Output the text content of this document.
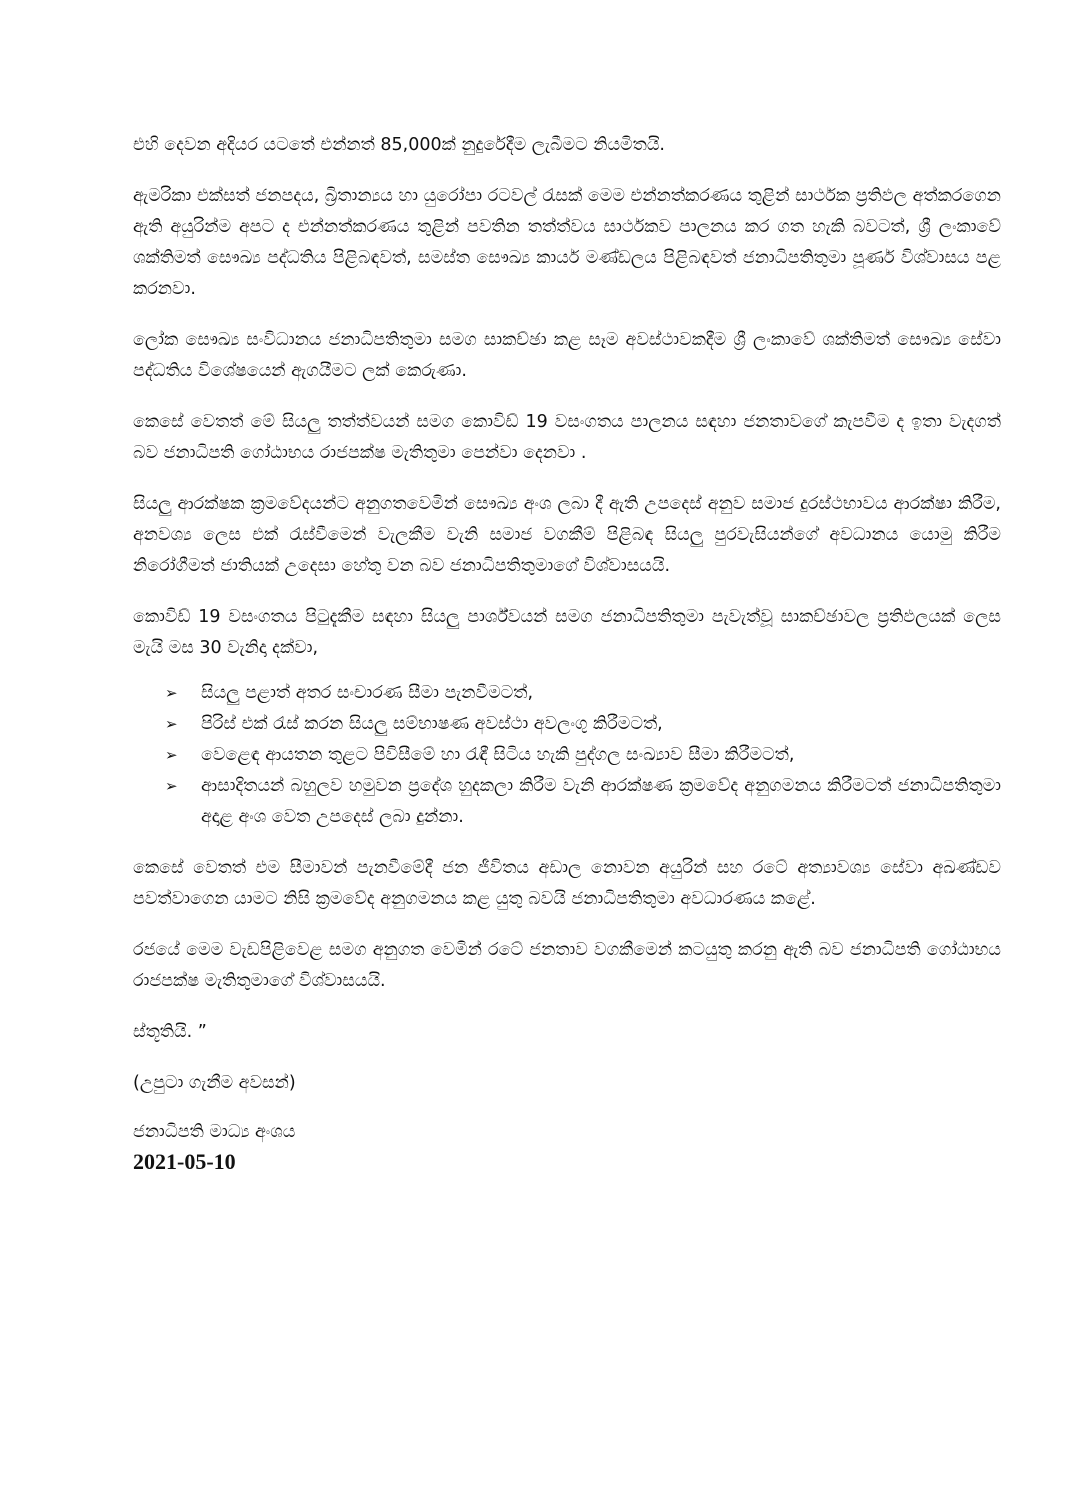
එහි දෙවන අදියර යටතේ එන්නත් 85,000ක් නුදුරේදීම ලැබීමට නියමිතයි.

ඇමරිකා එක්සත් ජනපදය, බ්‍රිතාන්‍යය හා යුරෝපා රටවල් රැසක් මෙම එන්නත්කරණය තුළින් සාර්ථක ප්‍රතිඵල අත්කරගෙන ඇති අයුරින්ම අපට ද එන්නත්කරණය තුළින් පවතින තත්ත්වය සාර්ථකව පාලනය කර ගත හැකි බවටත්, ශ්‍රී ලංකාවේ ශක්තිමත් සෞඛ්‍ය පද්ධතිය පිළිබඳවත්, සමස්ත සෞඛ්‍ය කාර්ය මණ්ඩලය පිළිබඳවත් ජනාධිපතිතුමා පූර්ණ විශ්වාසය පළ කරනවා.

ලෝක සෞඛ්‍ය සංවිධානය ජනාධිපතිතුමා සමග සාකච්ඡා කළ සෑම අවස්ථාවකදීම ශ්‍රී ලංකාවේ ශක්තිමත් සෞඛ්‍ය සේවා පද්ධතිය විශේෂයෙන් ඇගයීමට ලක් කෙරුණා.

කෙසේ වෙතත් මේ සියලු තත්ත්වයන් සමග කොවිඩ් 19 වසංගතය පාලනය සඳහා ජනතාවගේ කැපවීම ද ඉතා වැදගත් බව ජනාධිපති ගෝඨාභය රාජපක්ෂ මැතිතුමා පෙන්වා දෙනවා .

සියලු ආරක්ෂක ක්‍රමවේදයන්ට අනුගතවෙමින් සෞඛ්‍ය අංශ ලබා දී ඇති උපදෙස් අනුව සමාජ දුරස්ථභාවය ආරක්ෂා කිරීම, අනවශ්‍ය ලෙස එක් රැස්වීමෙන් වැලකීම වැනි සමාජ වගකීම් පිළිබඳ සියලු පුරවැසියන්ගේ අවධානය යොමු කිරීම නිරෝගීමත් ජාතියක් උදෙසා හේතු වන බව ජනාධිපතිතුමාගේ විශ්වාසයයි.

කොවිඩ් 19 වසංගතය පිටුදැකීම සඳහා සියලු පාර්ශ්වයන් සමග ජනාධිපතිතුමා පැවැත්වූ සාකච්ඡාවල ප්‍රතිඵලයක් ලෙස මැයි මස 30 වැනිදා දක්වා,

➢ සියලු පළාත් අතර සංචාරණ සීමා පැනවීමටත්,
➢ පිරිස් එක් රැස් කරන සියලු සම්භාෂණ අවස්ථා අවලංගු කිරීමටත්,
➢ වෙළෙඳ ආයතන තුළට පිවිසීමේ හා රැඳී සිටිය හැකි පුද්ගල සංඛ්‍යාව සීමා කිරීමටත්,
➢ ආසාදිතයන් බහුලව හමුවන ප්‍රදේශ හුදකලා කිරීම වැනි ආරක්ෂණ ක්‍රමවේද අනුගමනය කිරීමටත් ජනාධිපතිතුමා අදාළ අංශ වෙත උපදෙස් ලබා දුන්නා.

කෙසේ වෙතත් එම සීමාවන් පැනවීමේදී ජන ජීවිතය අඩාල නොවන අයුරින් සහ රටේ අත්‍යාවශ්‍ය සේවා අඛණ්ඩව පවත්වාගෙන යාමට නිසි ක්‍රමවේද අනුගමනය කළ යුතු බවයි ජනාධිපතිතුමා අවධාරණය කළේ.

රජයේ මෙම වැඩපිළිවෙළ සමග අනුගත වෙමින් රටේ ජනතාව වගකීමෙන් කටයුතු කරනු ඇති බව ජනාධිපති ගෝඨාභය රාජපක්ෂ මැතිතුමාගේ විශ්වාසයයි.

ස්තූතියි. ”

(උපුටා ගැනීම අවසන්)

ජනාධිපති මාධ්‍ය අංශය
2021-05-10
